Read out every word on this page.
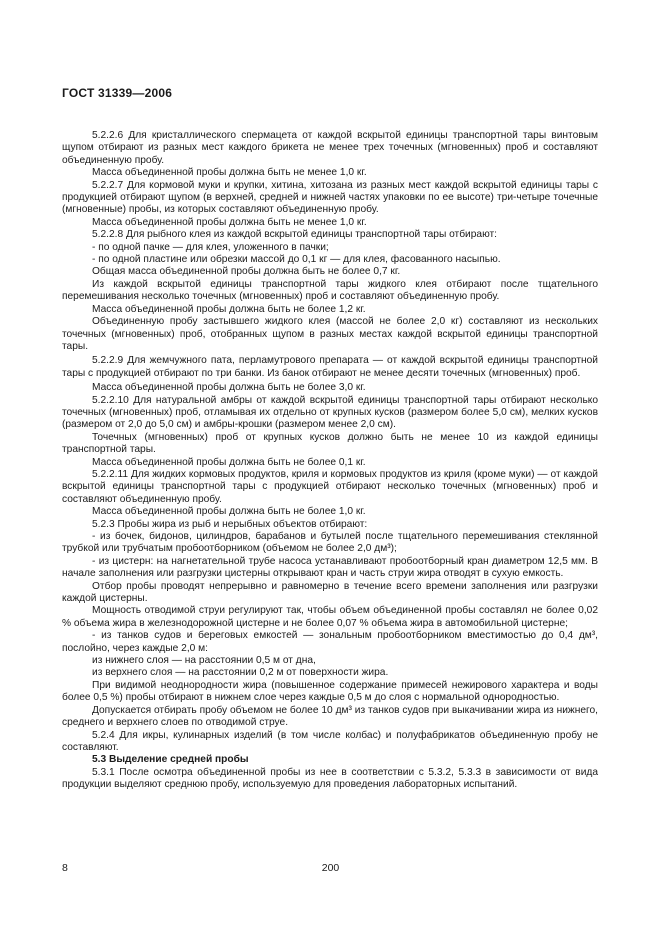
ГОСТ 31339—2006

5.2.2.6 Для кристаллического спермацета от каждой вскрытой единицы транспортной тары винтовым щупом отбирают из разных мест каждого брикета не менее трех точечных (мгновенных) проб и составляют объединенную пробу.

Масса объединенной пробы должна быть не менее 1,0 кг.

5.2.2.7 Для кормовой муки и крупки, хитина, хитозана из разных мест каждой вскрытой единицы тары с продукцией отбирают щупом (в верхней, средней и нижней частях упаковки по ее высоте) три-четыре точечные (мгновенные) пробы, из которых составляют объединенную пробу.

Масса объединенной пробы должна быть не менее 1,0 кг.

5.2.2.8 Для рыбного клея из каждой вскрытой единицы транспортной тары отбирают:

- по одной пачке — для клея, уложенного в пачки;

- по одной пластине или обрезки массой до 0,1 кг — для клея, фасованного насыпью.

Общая масса объединенной пробы должна быть не более 0,7 кг.

Из каждой вскрытой единицы транспортной тары жидкого клея отбирают после тщательного перемешивания несколько точечных (мгновенных) проб и составляют объединенную пробу.

Масса объединенной пробы должна быть не более 1,2 кг.

Объединенную пробу застывшего жидкого клея (массой не более 2,0 кг) составляют из нескольких точечных (мгновенных) проб, отобранных щупом в разных местах каждой вскрытой единицы транспортной тары.

5.2.2.9 Для жемчужного пата, перламутрового препарата — от каждой вскрытой единицы транспортной тары с продукцией отбирают по три банки. Из банок отбирают не менее десяти точечных (мгновенных) проб.

Масса объединенной пробы должна быть не более 3,0 кг.

5.2.2.10 Для натуральной амбры от каждой вскрытой единицы транспортной тары отбирают несколько точечных (мгновенных) проб, отламывая их отдельно от крупных кусков (размером более 5,0 см), мелких кусков (размером от 2,0 до 5,0 см) и амбры-крошки (размером менее 2,0 см).

Точечных (мгновенных) проб от крупных кусков должно быть не менее 10 из каждой единицы транспортной тары.

Масса объединенной пробы должна быть не более 0,1 кг.

5.2.2.11 Для жидких кормовых продуктов, криля и кормовых продуктов из криля (кроме муки) — от каждой вскрытой единицы транспортной тары с продукцией отбирают несколько точечных (мгновенных) проб и составляют объединенную пробу.

Масса объединенной пробы должна быть не более 1,0 кг.

5.2.3 Пробы жира из рыб и нерыбных объектов отбирают:

- из бочек, бидонов, цилиндров, барабанов и бутылей после тщательного перемешивания стеклянной трубкой или трубчатым пробоотборником (объемом не более 2,0 дм³);

- из цистерн: на нагнетательной трубе насоса устанавливают пробоотборный кран диаметром 12,5 мм. В начале заполнения или разгрузки цистерны открывают кран и часть струи жира отводят в сухую емкость.

Отбор пробы проводят непрерывно и равномерно в течение всего времени заполнения или разгрузки каждой цистерны.

Мощность отводимой струи регулируют так, чтобы объем объединенной пробы составлял не более 0,02 % объема жира в железнодорожной цистерне и не более 0,07 % объема жира в автомобильной цистерне;

- из танков судов и береговых емкостей — зональным пробоотборником вместимостью до 0,4 дм³, послойно, через каждые 2,0 м:

из нижнего слоя — на расстоянии 0,5 м от дна,

из верхнего слоя — на расстоянии 0,2 м от поверхности жира.

При видимой неоднородности жира (повышенное содержание примесей нежирового характера и воды более 0,5 %) пробы отбирают в нижнем слое через каждые 0,5 м до слоя с нормальной однородностью.

Допускается отбирать пробу объемом не более 10 дм³ из танков судов при выкачивании жира из нижнего, среднего и верхнего слоев по отводимой струе.

5.2.4 Для икры, кулинарных изделий (в том числе колбас) и полуфабрикатов объединенную пробу не составляют.

5.3 Выделение средней пробы

5.3.1 После осмотра объединенной пробы из нее в соответствии с 5.3.2, 5.3.3 в зависимости от вида продукции выделяют среднюю пробу, используемую для проведения лабораторных испытаний.

8	200
